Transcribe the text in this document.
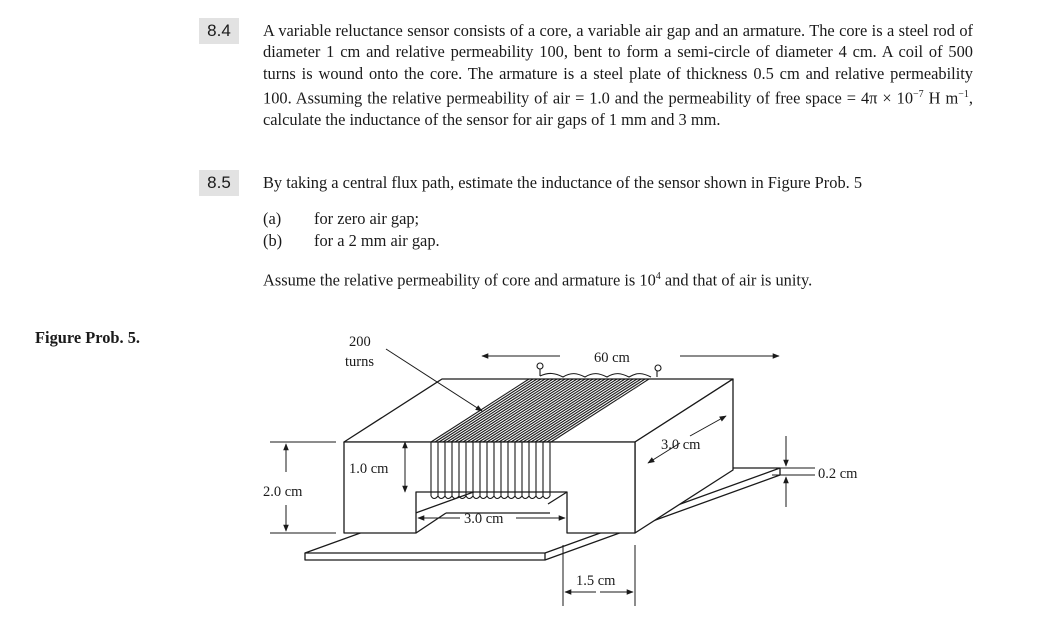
8.4	A variable reluctance sensor consists of a core, a variable air gap and an armature. The core is a steel rod of diameter 1 cm and relative permeability 100, bent to form a semi-circle of diameter 4 cm. A coil of 500 turns is wound onto the core. The armature is a steel plate of thickness 0.5 cm and relative permeability 100. Assuming the relative permeability of air = 1.0 and the permeability of free space = $4\pi \times 10^{-7}$ H $m^{-1}$, calculate the inductance of the sensor for air gaps of 1 mm and 3 mm.
8.5	By taking a central flux path, estimate the inductance of the sensor shown in Figure Prob. 5
(a) for zero air gap;
(b) for a 2 mm air gap.
Assume the relative permeability of core and armature is $10^4$ and that of air is unity.
Figure Prob. 5.	200
turns	60 cm
3.0 cm
1.0 cm
2.0 cm
3.0 cm
0.2 cm
1.5 cm
